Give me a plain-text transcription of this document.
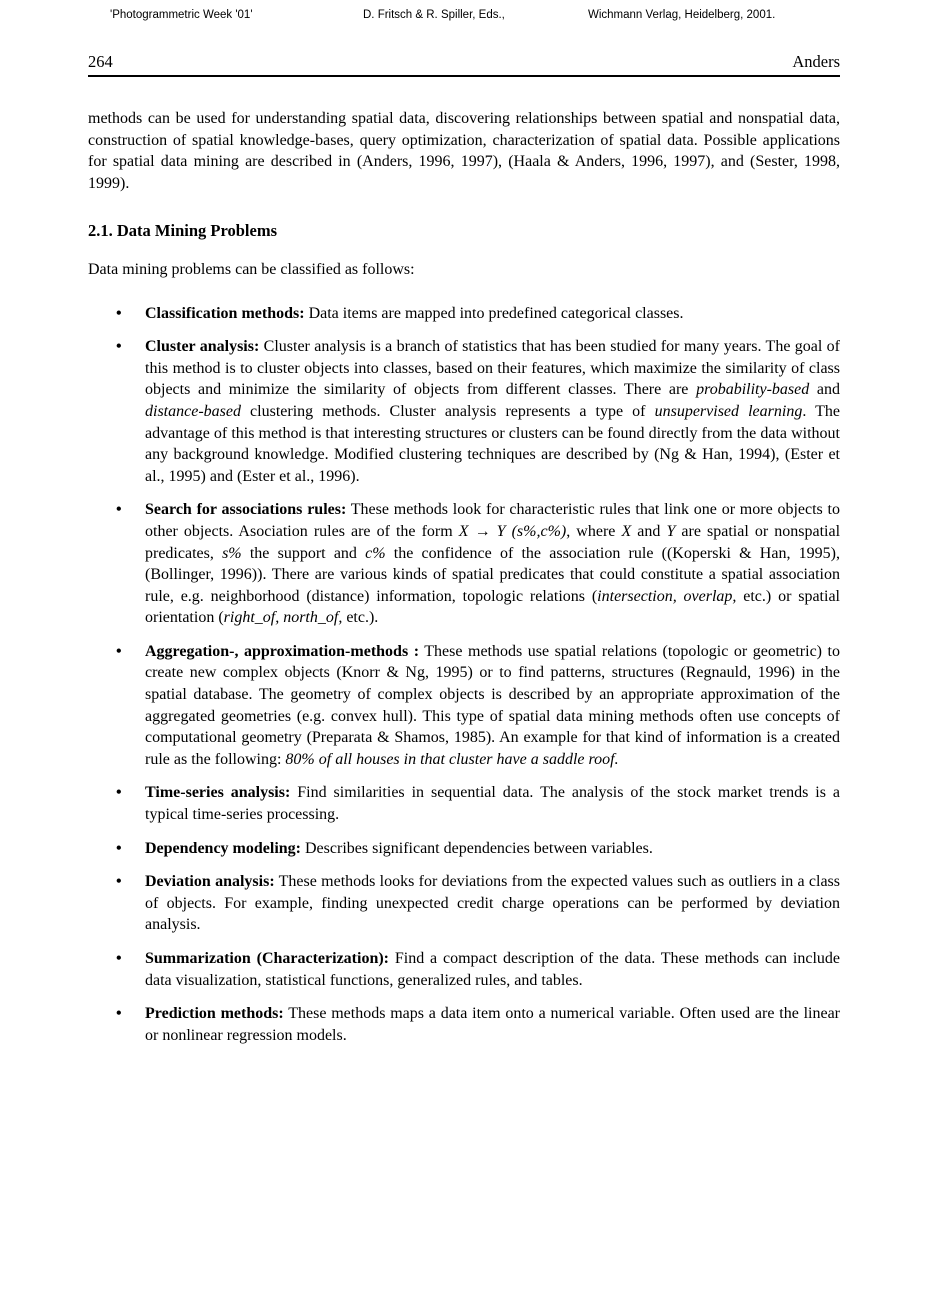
'Photogrammetric Week '01'	D. Fritsch & R. Spiller, Eds.,	Wichmann Verlag, Heidelberg, 2001.
264	Anders

methods can be used for understanding spatial data, discovering relationships between spatial and nonspatial data, construction of spatial knowledge-bases, query optimization, characterization of spatial data. Possible applications for spatial data mining are described in (Anders, 1996, 1997), (Haala & Anders, 1996, 1997), and (Sester, 1998, 1999).

2.1. Data Mining Problems

Data mining problems can be classified as follows:

• Classification methods: Data items are mapped into predefined categorical classes.
• Cluster analysis: Cluster analysis is a branch of statistics that has been studied for many years. The goal of this method is to cluster objects into classes, based on their features, which maximize the similarity of class objects and minimize the similarity of objects from different classes. There are probability-based and distance-based clustering methods. Cluster analysis represents a type of unsupervised learning. The advantage of this method is that interesting structures or clusters can be found directly from the data without any background knowledge. Modified clustering techniques are described by (Ng & Han, 1994), (Ester et al., 1995) and (Ester et al., 1996).
• Search for associations rules: These methods look for characteristic rules that link one or more objects to other objects. Asociation rules are of the form X → Y (s%,c%), where X and Y are spatial or nonspatial predicates, s% the support and c% the confidence of the association rule ((Koperski & Han, 1995), (Bollinger, 1996)). There are various kinds of spatial predicates that could constitute a spatial association rule, e.g. neighborhood (distance) information, topologic relations (intersection, overlap, etc.) or spatial orientation (right_of, north_of, etc.).
• Aggregation-, approximation-methods : These methods use spatial relations (topologic or geometric) to create new complex objects (Knorr & Ng, 1995) or to find patterns, structures (Regnauld, 1996) in the spatial database. The geometry of complex objects is described by an appropriate approximation of the aggregated geometries (e.g. convex hull). This type of spatial data mining methods often use concepts of computational geometry (Preparata & Shamos, 1985). An example for that kind of information is a created rule as the following: 80% of all houses in that cluster have a saddle roof.
• Time-series analysis: Find similarities in sequential data. The analysis of the stock market trends is a typical time-series processing.
• Dependency modeling: Describes significant dependencies between variables.
• Deviation analysis: These methods looks for deviations from the expected values such as outliers in a class of objects. For example, finding unexpected credit charge operations can be performed by deviation analysis.
• Summarization (Characterization): Find a compact description of the data. These methods can include data visualization, statistical functions, generalized rules, and tables.
• Prediction methods: These methods maps a data item onto a numerical variable. Often used are the linear or nonlinear regression models.
